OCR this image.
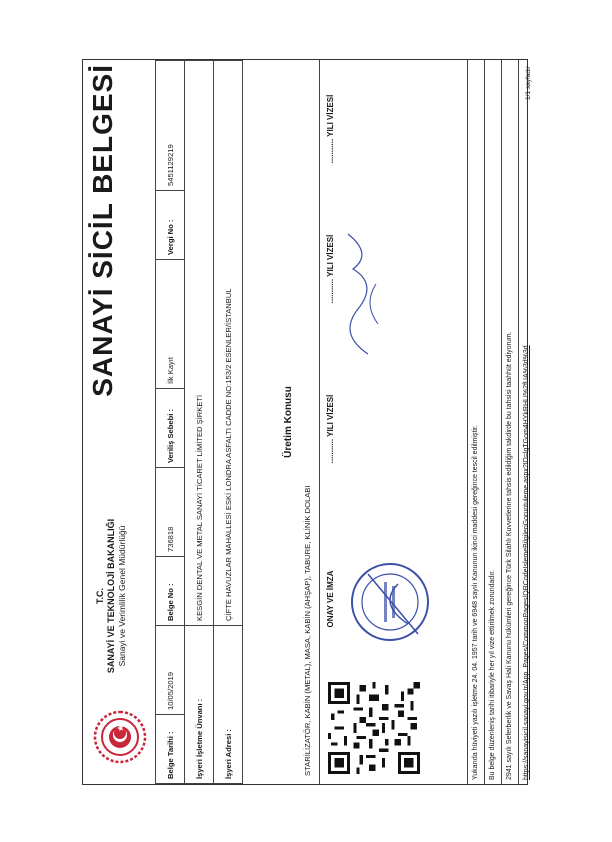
T.C. SANAYİ VE TEKNOLOJİ BAKANLIĞI Sanayi ve Verimlilik Genel Müdürlüğü
SANAYİ SİCİL BELGESİ
Belge Tarihi :	10/05/2019	Belge No :	736818	Veriliş Sebebi :	İlk Kayıt	Vergi No :	5451129219
İşyeri İşletme Ünvanı :		KESGİN DENTAL VE METAL SANAYİ TİCARET LİMİTED ŞİRKETİ					
İşyeri Adresi :		ÇİFTE HAVUZLAR MAHALLESİ ESKİ LONDRA ASFALTI CADDE NO:153/2 ESENLER/İSTANBUL						Üretim Konusu
STARİLİZATÖR, KABİN (METAL), MASA, KABİN (AHŞAP), TABURE, KLİNİK DOLABI ONAY VE İMZA
........... YILI VİZESİ
........... YILI VİZESİ
........... YILI VİZESİ
Yukarıda hüviyeti yazılı işletme 24. 04. 1957 tarih ve 6948 sayılı Kanunun ikinci maddesi gereğince tescil edilmiştir.	Bu belge düzenleniş tarihi itibariyle her yıl vize ettirilmek zorundadır.	2941 sayılı Seferberlik ve Savaş Hali Kanunu hükümleri gereğince Türk Silahlı Kuvvetlerine tahsis edildiğim takdirde bu tahsisi taahhüt ediyorum.	https://sanayisicil.sanayi.gov.tr/App_Pages/CommonPages/QRCodeIslemeBilgileriGoruntuleme.aspx?ID=lgTGom4HYkRHLI%2fUA%3d%3d
1/1 sayfadır
